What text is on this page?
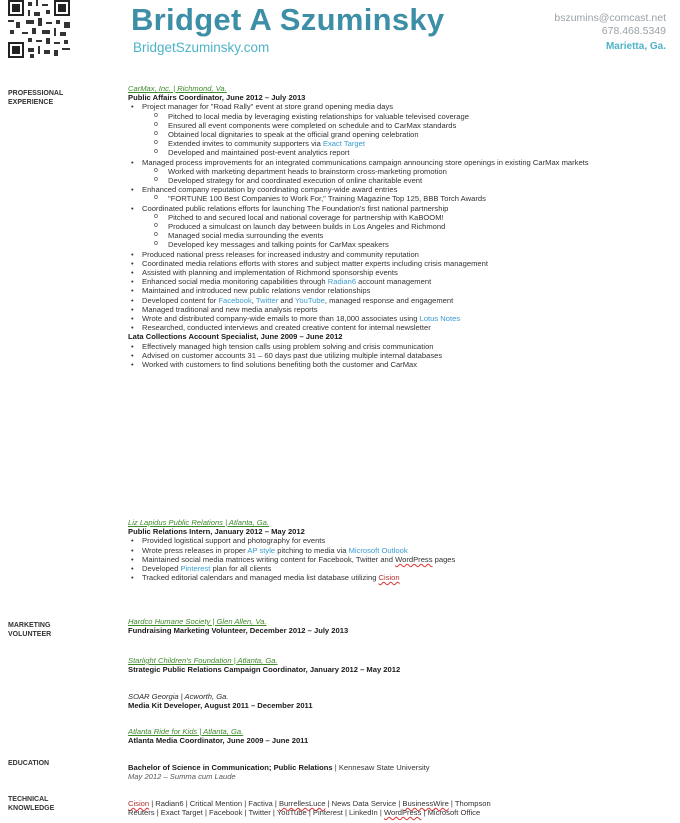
Bridget A Szuminsky
BridgetSzuminsky.com
bszumins@comcast.net
678.468.5349
Marietta, Ga.
PROFESSIONAL EXPERIENCE
MARKETING VOLUNTEER
EDUCATION
TECHNICAL KNOWLEDGE
CarMax, Inc. | Richmond, Va.
Public Affairs Coordinator, June 2012 – July 2013
• Project manager for "Road Rally" event at store grand opening media days
o Pitched to local media by leveraging existing relationships for valuable televised coverage
o Ensured all event components were completed on schedule and to CarMax standards
o Obtained local dignitaries to speak at the official grand opening celebration
o Extended invites to community supporters via Exact Target
o Developed and maintained post-event analytics report
• Managed process improvements for an integrated communications campaign announcing store openings in existing CarMax markets
o Worked with marketing department heads to brainstorm cross-marketing promotion
o Developed strategy for and coordinated execution of online charitable event
• Enhanced company reputation by coordinating company-wide award entries
o "FORTUNE 100 Best Companies to Work For," Training Magazine Top 125, BBB Torch Awards
• Coordinated public relations efforts for launching The Foundation's first national partnership
o Pitched to and secured local and national coverage for partnership with KaBOOM!
o Produced a simulcast on launch day between builds in Los Angeles and Richmond
o Managed social media surrounding the events
o Developed key messages and talking points for CarMax speakers
• Produced national press releases for increased industry and community reputation
• Coordinated media relations efforts with stores and subject matter experts including crisis management
• Assisted with planning and implementation of Richmond sponsorship events
• Enhanced social media monitoring capabilities through Radian6 account management
• Maintained and introduced new public relations vendor relationships
• Developed content for Facebook, Twitter and YouTube, managed response and engagement
• Managed traditional and new media analysis reports
• Wrote and distributed company-wide emails to more than 18,000 associates using Lotus Notes
• Researched, conducted interviews and created creative content for internal newsletter
Lata Collections Account Specialist, June 2009 – June 2012
• Effectively managed high tension calls using problem solving and crisis communication
• Advised on customer accounts 31 – 60 days past due utilizing multiple internal databases
• Worked with customers to find solutions benefiting both the customer and CarMax
Liz Lapidus Public Relations | Atlanta, Ga.
Public Relations Intern, January 2012 – May 2012
• Provided logistical support and photography for events
• Wrote press releases in proper AP style pitching to media via Microsoft Outlook
• Maintained social media matrices writing content for Facebook, Twitter and WordPress pages
• Developed Pinterest plan for all clients
• Tracked editorial calendars and managed media list database utilizing Cision
Hardco Humane Society | Glen Allen, Va.
Fundraising Marketing Volunteer, December 2012 – July 2013
Starlight Children's Foundation | Atlanta, Ga.
Strategic Public Relations Campaign Coordinator, January 2012 – May 2012
SOAR Georgia | Acworth, Ga.
Media Kit Developer, August 2011 – December 2011
Atlanta Ride for Kids | Atlanta, Ga.
Atlanta Media Coordinator, June 2009 – June 2011
Bachelor of Science in Communication; Public Relations | Kennesaw State University
May 2012 – Summa cum Laude
Cision | Radian6 | Critical Mention | Factiva | BurrellesLuce | News Data Service | BusinessWire | Thompson
Reuters | Exact Target | Facebook | Twitter | YouTube | Pinterest | LinkedIn | WordPress | Microsoft Office
